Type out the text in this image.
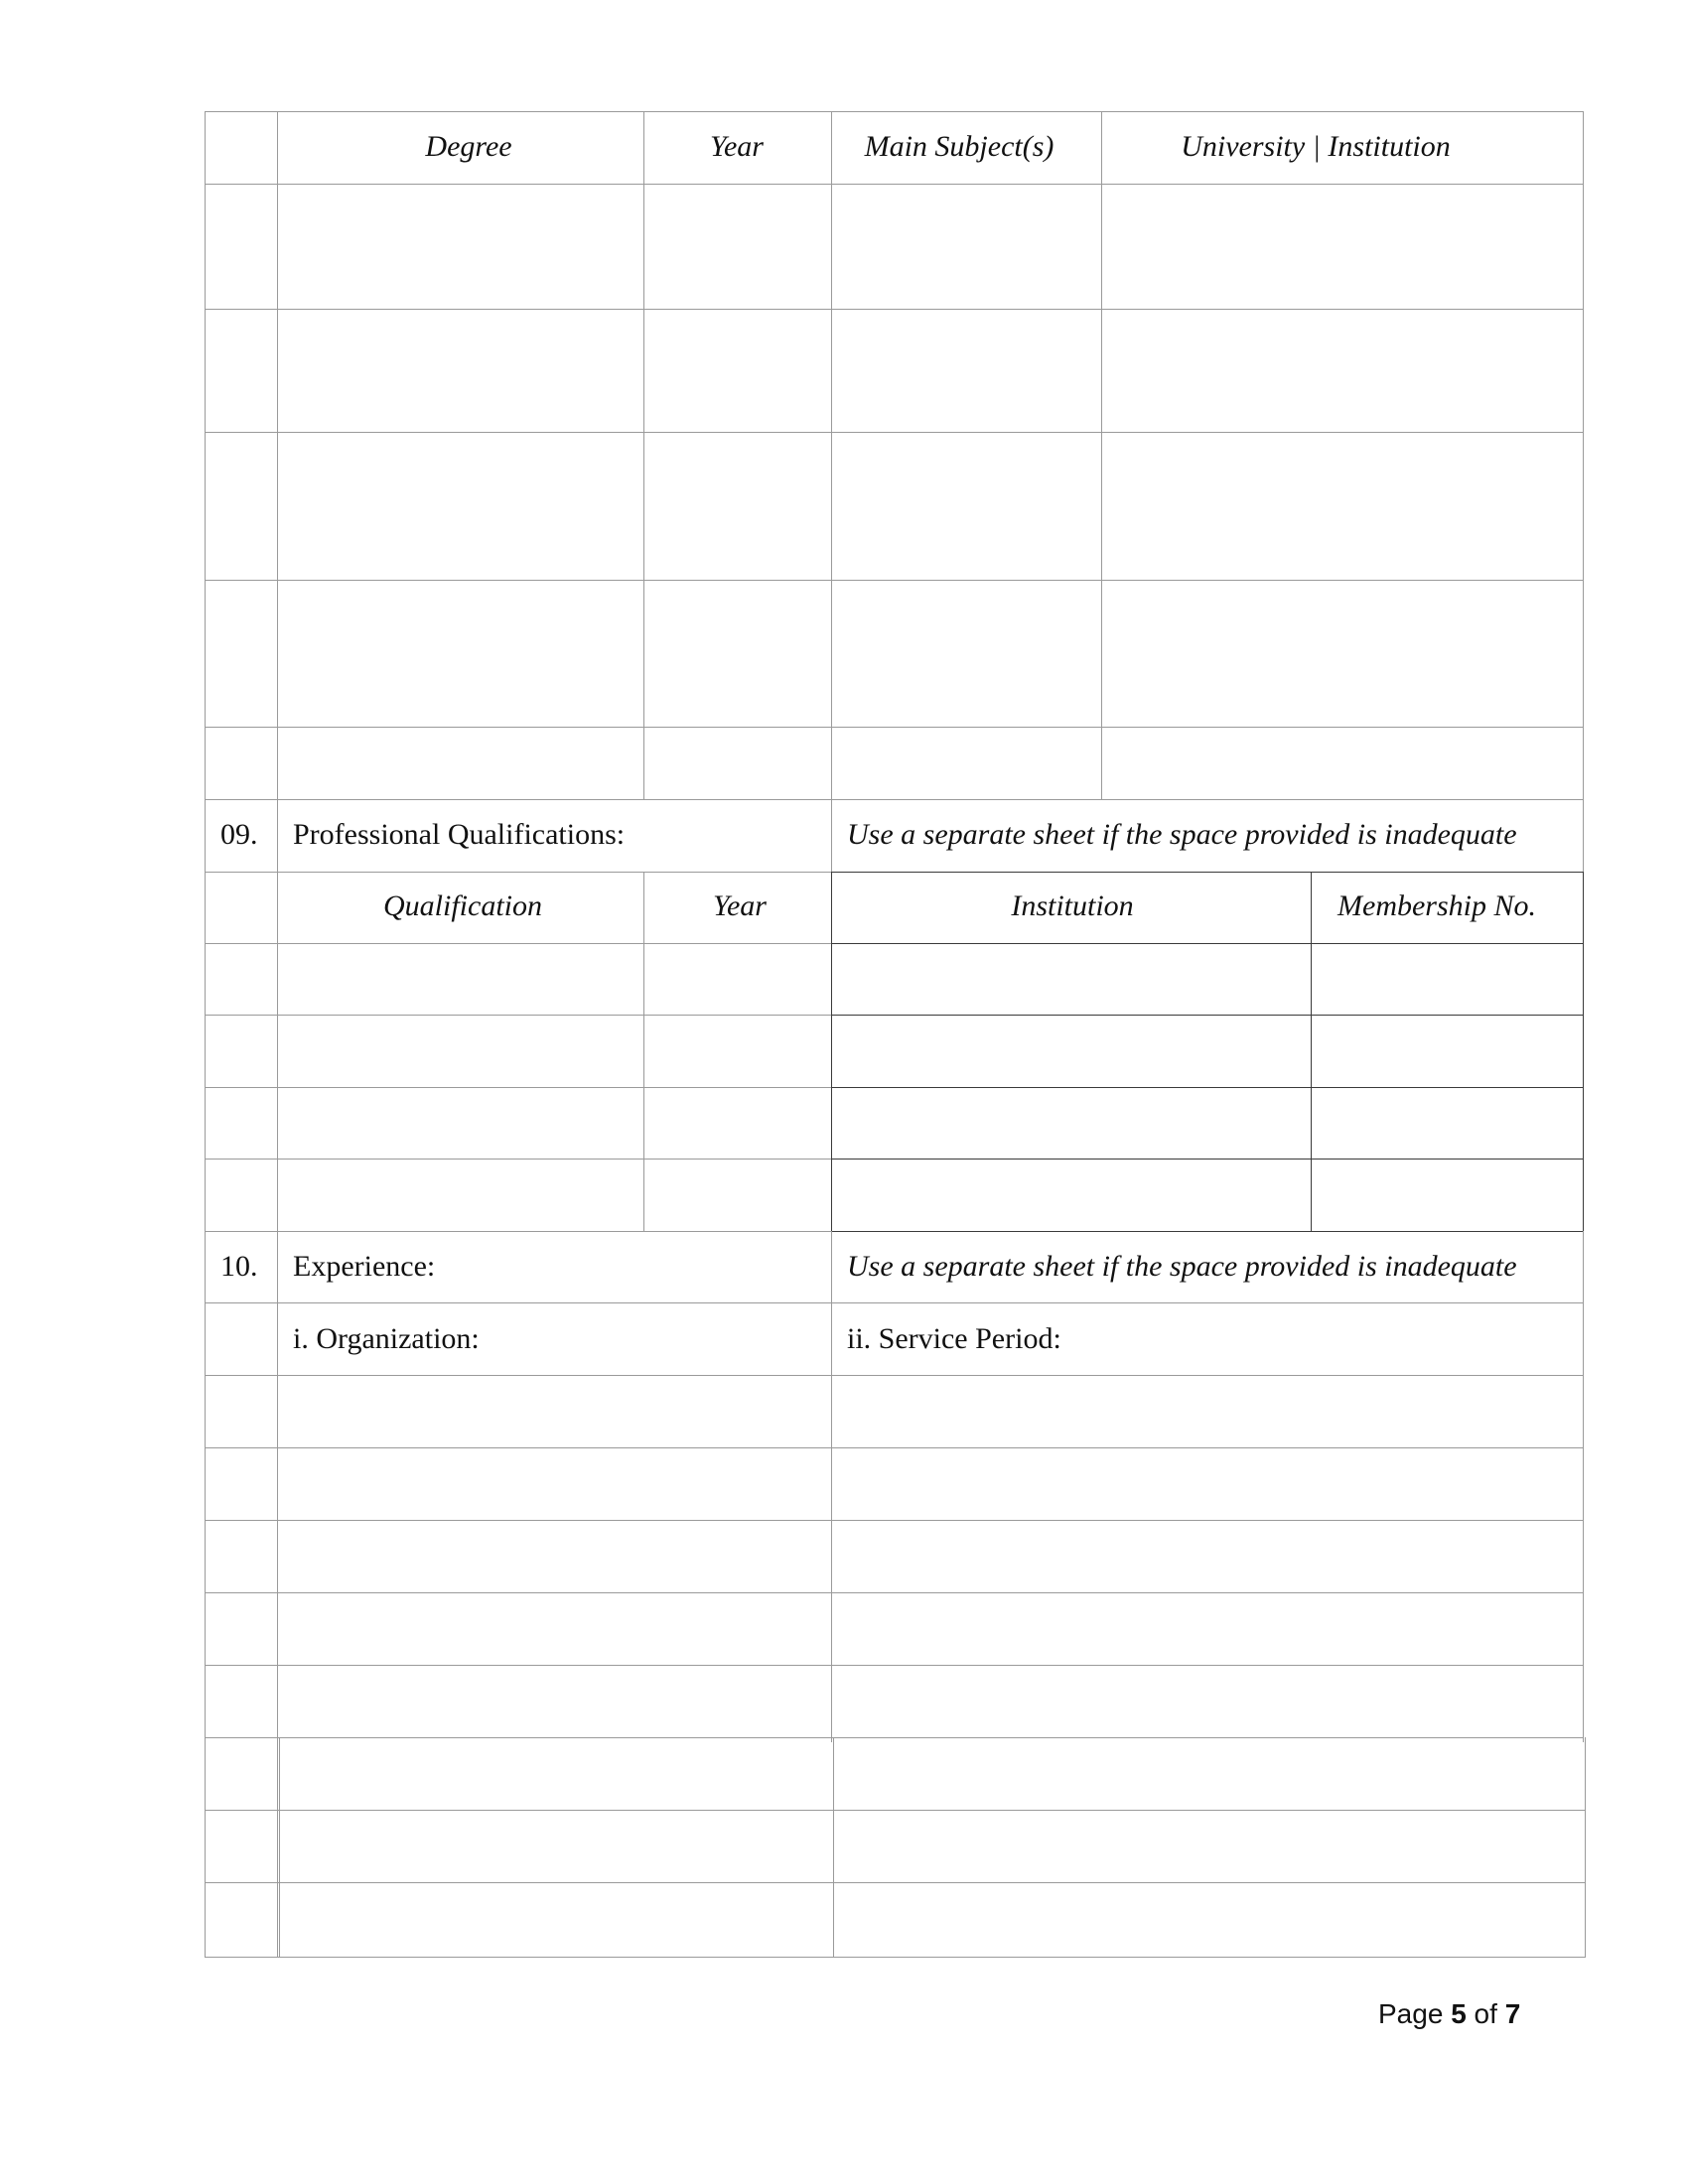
Degree	Year	Main Subject(s)	University | Institution
09. Professional Qualifications:	Use a separate sheet if the space provided is inadequate
Qualification	Year	Institution	Membership No.
10. Experience:	Use a separate sheet if the space provided is inadequate
i. Organization:	ii. Service Period:
Page 5 of 7
